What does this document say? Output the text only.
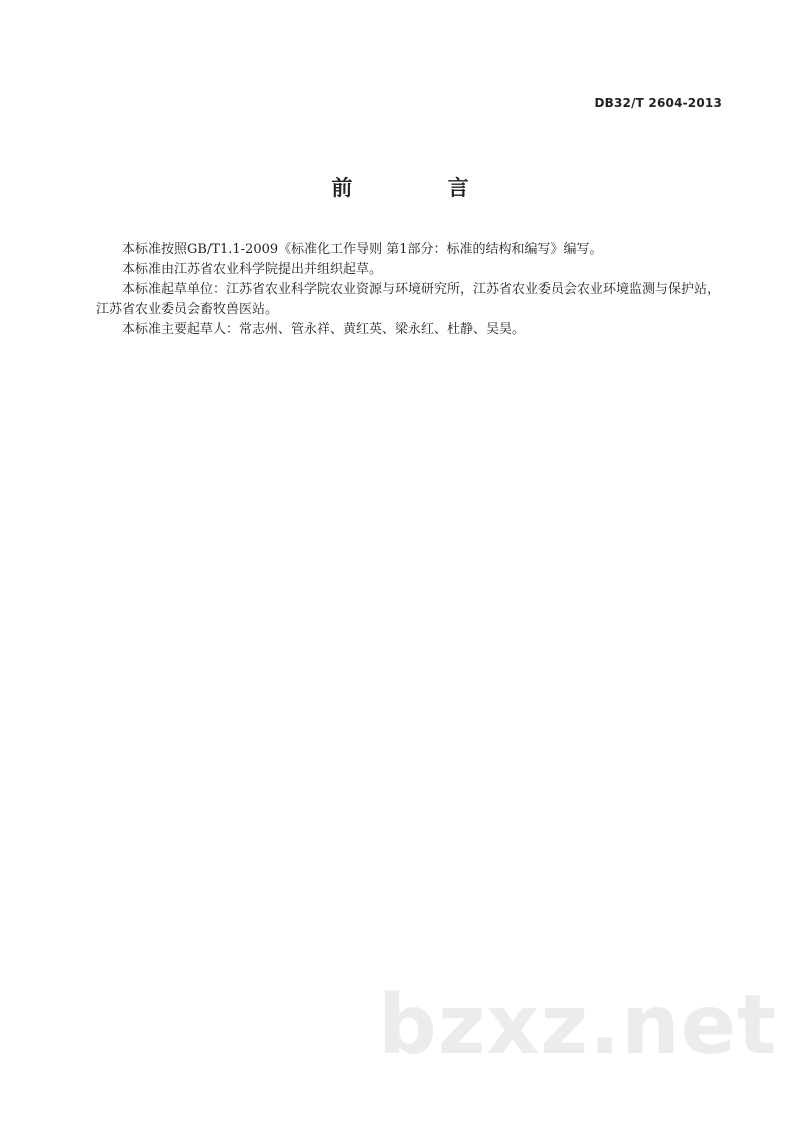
DB32/T 2604-2013
前 言

本标准按照GB/T1.1-2009《标准化工作导则 第1部分：标准的结构和编写》编写。

本标准由江苏省农业科学院提出并组织起草。

本标准起草单位：江苏省农业科学院农业资源与环境研究所，江苏省农业委员会农业环境监测与保护站，江苏省农业委员会畜牧兽医站。

本标准主要起草人：常志州、管永祥、黄红英、梁永红、杜静、吴昊。

bzxz.net
